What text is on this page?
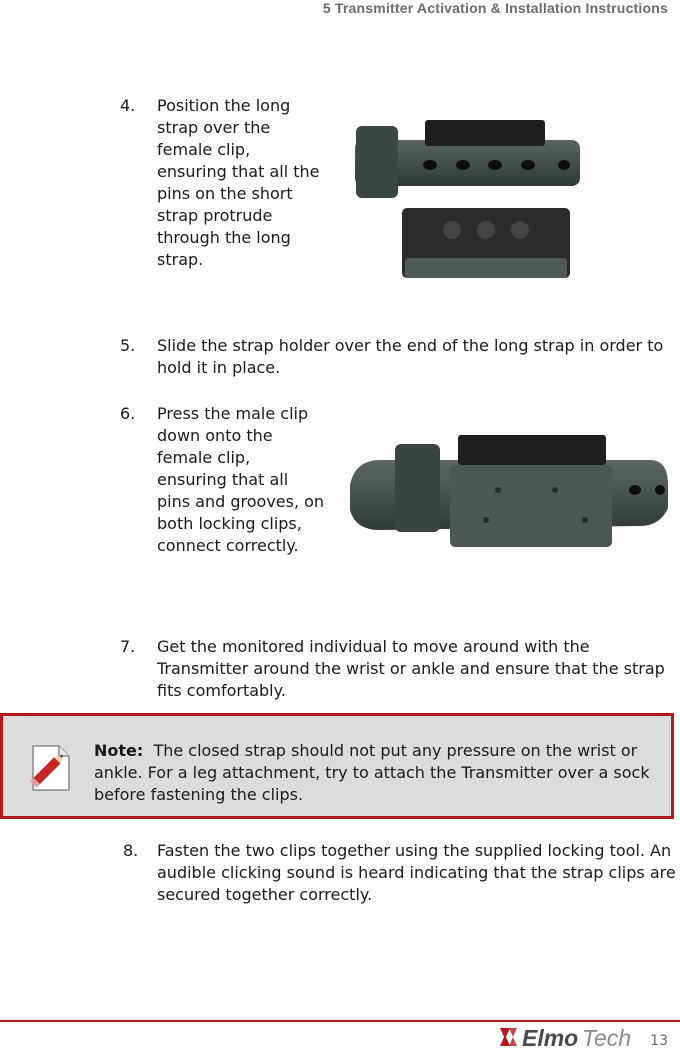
5 Transmitter Activation & Installation Instructions
4. Position the long strap over the female clip, ensuring that all the pins on the short strap protrude through the long strap.
5. Slide the strap holder over the end of the long strap in order to hold it in place.
6. Press the male clip down onto the female clip, ensuring that all pins and grooves, on both locking clips, connect correctly.
7. Get the monitored individual to move around with the Transmitter around the wrist or ankle and ensure that the strap fits comfortably.
Note: The closed strap should not put any pressure on the wrist or ankle. For a leg attachment, try to attach the Transmitter over a sock before fastening the clips.
8. Fasten the two clips together using the supplied locking tool. An audible clicking sound is heard indicating that the strap clips are secured together correctly.
Elmo Tech 13
